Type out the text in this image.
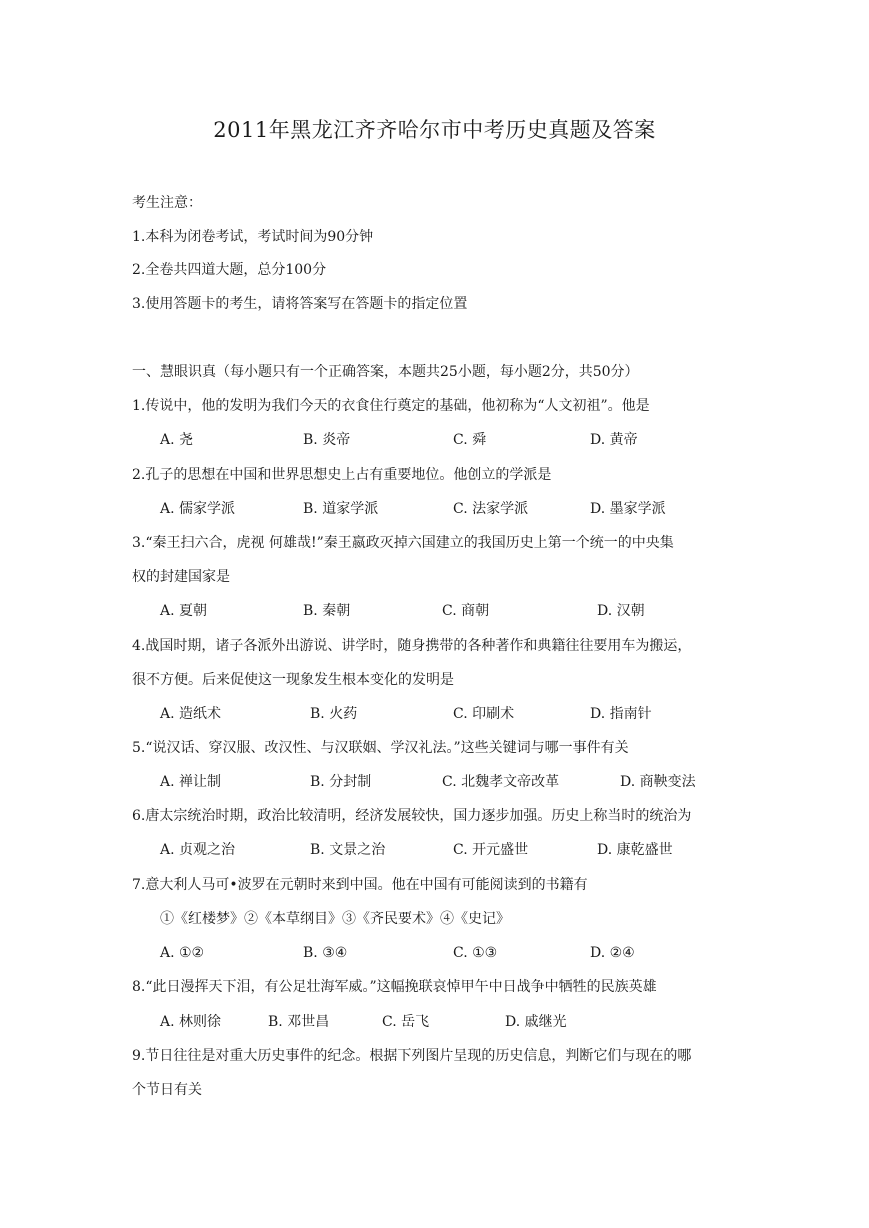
2011年黑龙江齐齐哈尔市中考历史真题及答案
考生注意：
1.本科为闭卷考试，考试时间为90分钟
2.全卷共四道大题，总分100分
3.使用答题卡的考生，请将答案写在答题卡的指定位置
一、慧眼识真（每小题只有一个正确答案，本题共25小题，每小题2分，共50分）
1.传说中，他的发明为我们今天的衣食住行奠定的基础，他初称为“人文初祖”。他是
A. 尧	B. 炎帝	C. 舜	D. 黄帝
2.孔子的思想在中国和世界思想史上占有重要地位。他创立的学派是
A. 儒家学派	B. 道家学派	C. 法家学派	D. 墨家学派
3.“秦王扫六合，虎视 何雄哉!”秦王嬴政灭掉六国建立的我国历史上第一个统一的中央集
权的封建国家是
A. 夏朝	B. 秦朝	C. 商朝	D. 汉朝
4.战国时期，诸子各派外出游说、讲学时，随身携带的各种著作和典籍往往要用车为搬运，
很不方便。后来促使这一现象发生根本变化的发明是
A. 造纸术	B. 火药	C. 印刷术	D. 指南针
5.“说汉话、穿汉服、改汉性、与汉联姻、学汉礼法。”这些关键词与哪一事件有关
A. 禅让制	B. 分封制	C. 北魏孝文帝改革	D. 商鞅变法
6.唐太宗统治时期，政治比较清明，经济发展较快，国力逐步加强。历史上称当时的统治为
A. 贞观之治	B. 文景之治	C. 开元盛世	D. 康乾盛世
7.意大利人马可•波罗在元朝时来到中国。他在中国有可能阅读到的书籍有
①《红楼梦》②《本草纲目》③《齐民要术》④《史记》
A. ①②	B. ③④	C. ①③	D. ②④
8.“此日漫挥天下泪，有公足壮海军威。”这幅挽联哀悼甲午中日战争中牺牲的民族英雄
A. 林则徐	B. 邓世昌	C. 岳飞	D. 戚继光
9.节日往往是对重大历史事件的纪念。根据下列图片呈现的历史信息，判断它们与现在的哪
个节日有关
